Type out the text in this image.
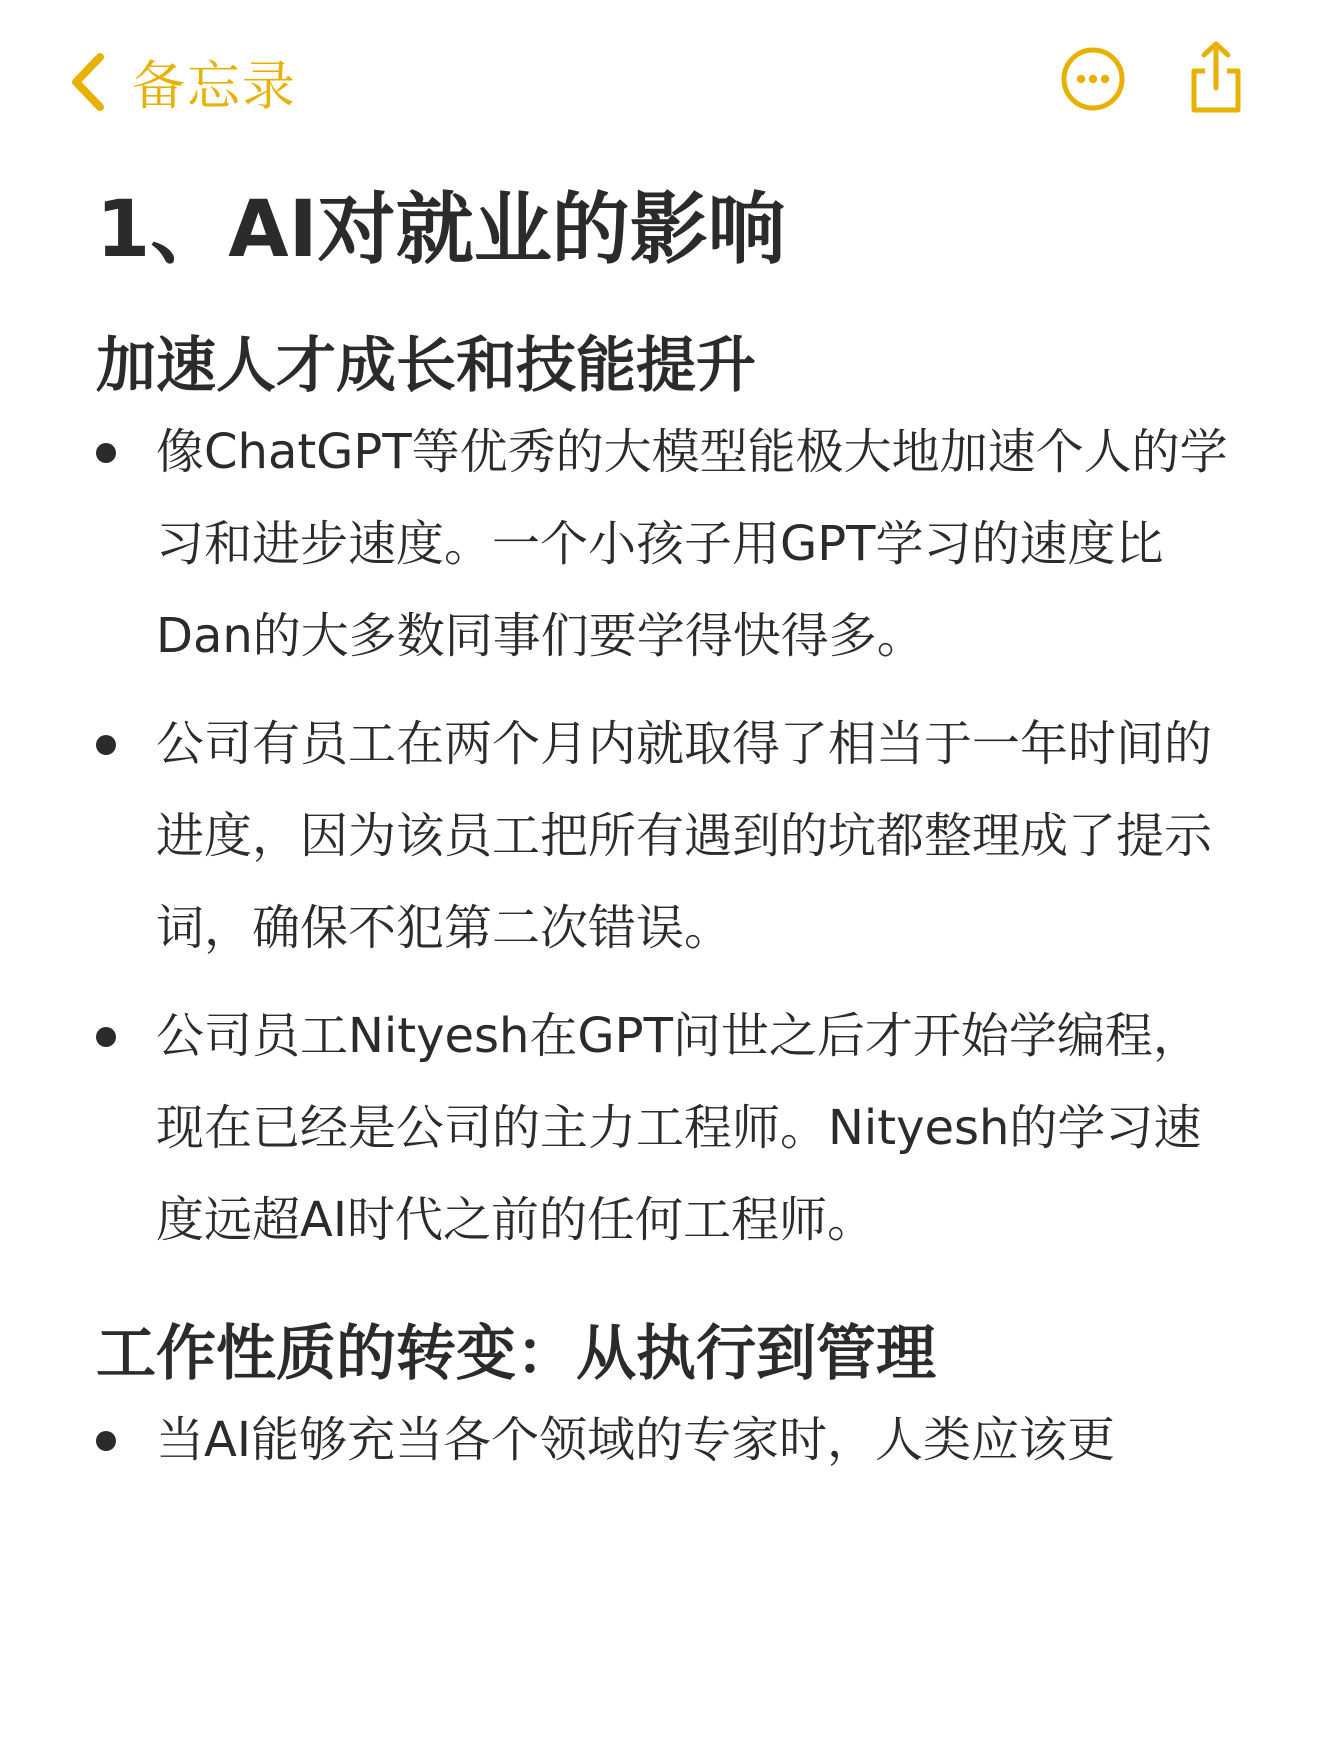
备忘录
1、AI对就业的影响
加速人才成长和技能提升
像ChatGPT等优秀的大模型能极大地加速个人的学习和进步速度。一个小孩子用GPT学习的速度比Dan的大多数同事们要学得快得多。
公司有员工在两个月内就取得了相当于一年时间的进度，因为该员工把所有遇到的坑都整理成了提示词，确保不犯第二次错误。
公司员工Nityesh在GPT问世之后才开始学编程，现在已经是公司的主力工程师。Nityesh的学习速度远超AI时代之前的任何工程师。
工作性质的转变：从执行到管理
当AI能够充当各个领域的专家时，人类应该更
